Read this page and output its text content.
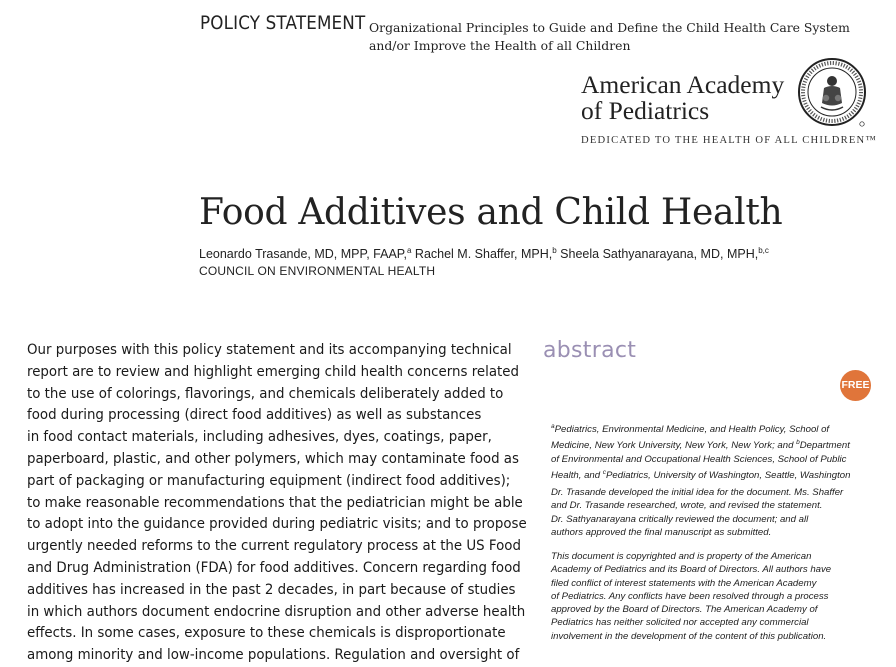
POLICY STATEMENT Organizational Principles to Guide and Define the Child Health Care System
and/or Improve the Health of all Children
American Academy
of Pediatrics
DEDICATED TO THE HEALTH OF ALL CHILDREN™
Food Additives and Child Health
Leonardo Trasande, MD, MPP, FAAP,$^a$ Rachel M. Shaffer, MPH,$^b$ Sheela Sathyanarayana, MD, MPH,$^{b,c}$
COUNCIL ON ENVIRONMENTAL HEALTH
Our purposes with this policy statement and its accompanying technical
report are to review and highlight emerging child health concerns related
to the use of colorings, flavorings, and chemicals deliberately added to
food during processing (direct food additives) as well as substances
in food contact materials, including adhesives, dyes, coatings, paper,
paperboard, plastic, and other polymers, which may contaminate food as
part of packaging or manufacturing equipment (indirect food additives);
to make reasonable recommendations that the pediatrician might be able
to adopt into the guidance provided during pediatric visits; and to propose
urgently needed reforms to the current regulatory process at the US Food
and Drug Administration (FDA) for food additives. Concern regarding food
additives has increased in the past 2 decades, in part because of studies
in which authors document endocrine disruption and other adverse health
effects. In some cases, exposure to these chemicals is disproportionate
among minority and low-income populations. Regulation and oversight of
abstract
FREE
$^a$Pediatrics, Environmental Medicine, and Health Policy, School of
Medicine, New York University, New York, New York; and $^b$Department
of Environmental and Occupational Health Sciences, School of Public
Health, and $^c$Pediatrics, University of Washington, Seattle, Washington
Dr. Trasande developed the initial idea for the document. Ms. Shaffer
and Dr. Trasande researched, wrote, and revised the statement.
Dr. Sathyanarayana critically reviewed the document; and all
authors approved the final manuscript as submitted.
This document is copyrighted and is property of the American
Academy of Pediatrics and its Board of Directors. All authors have
filed conflict of interest statements with the American Academy
of Pediatrics. Any conflicts have been resolved through a process
approved by the Board of Directors. The American Academy of
Pediatrics has neither solicited nor accepted any commercial
involvement in the development of the content of this publication.
